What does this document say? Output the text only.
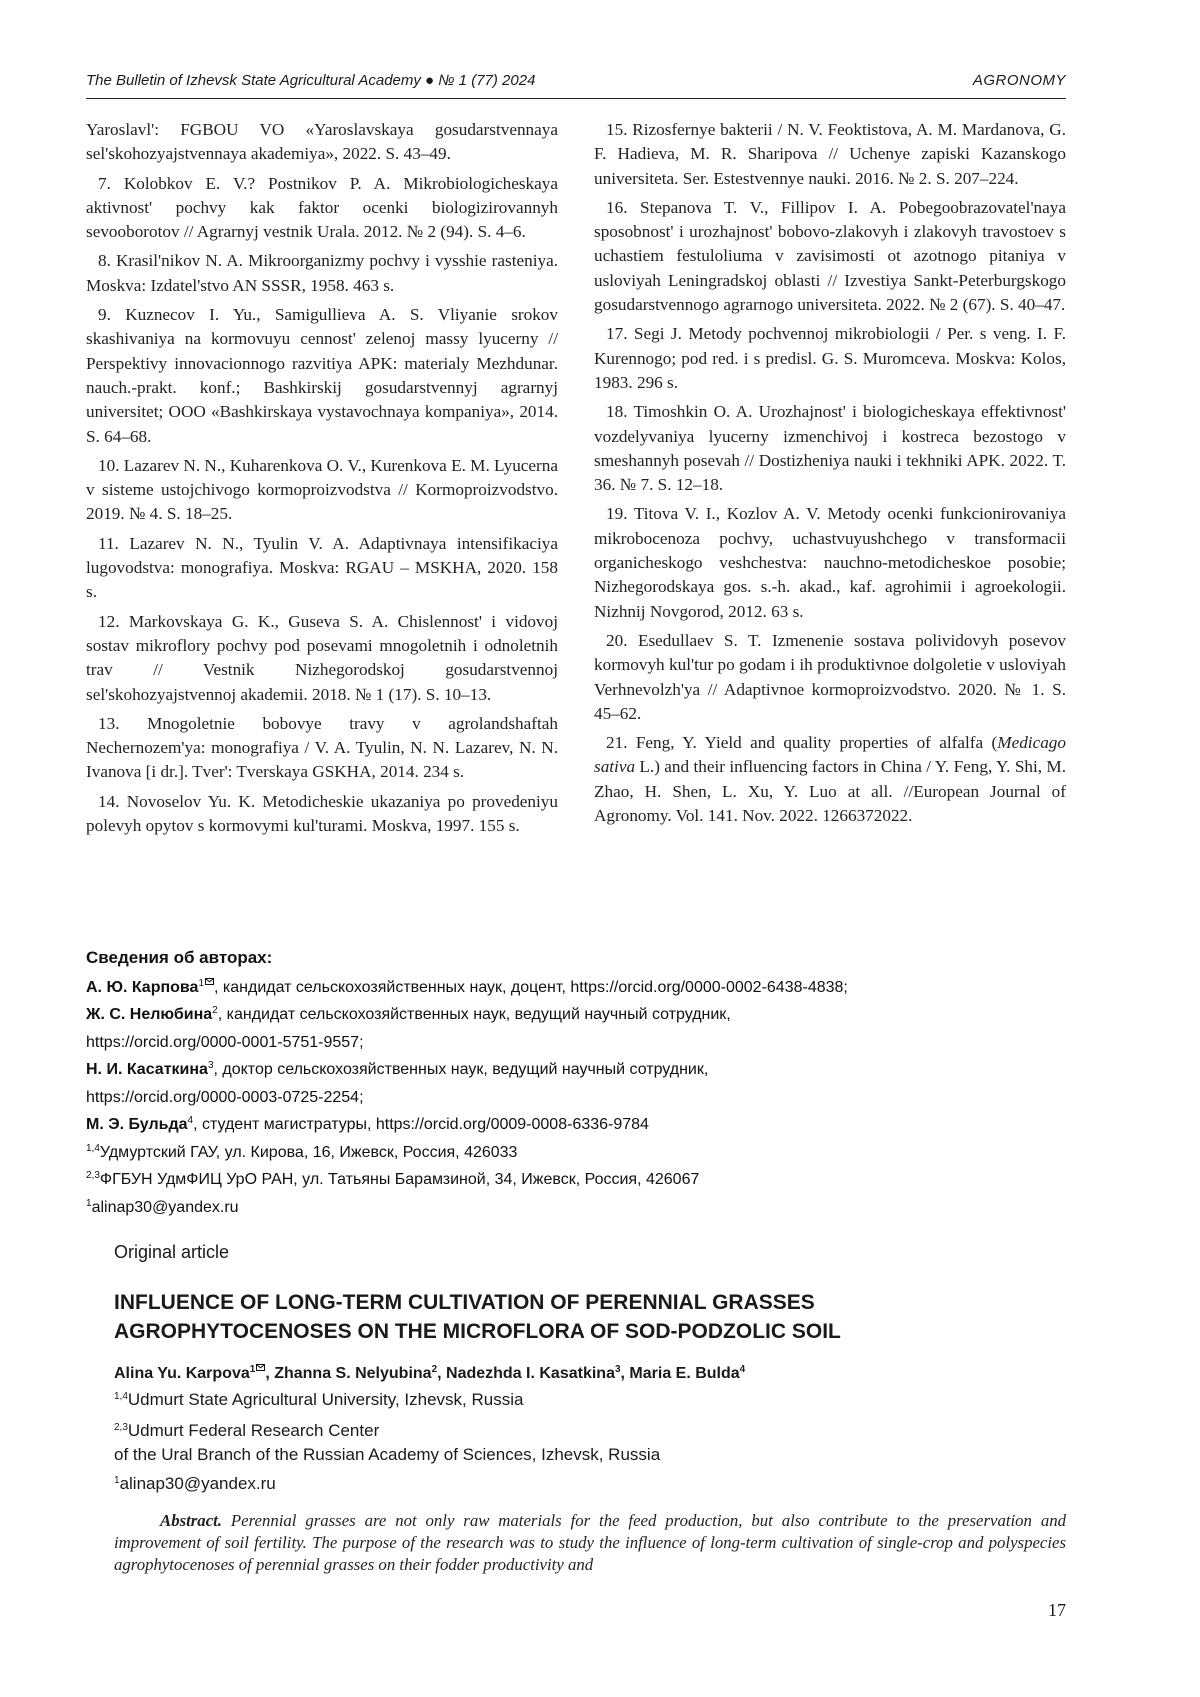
The Bulletin of Izhevsk State Agricultural Academy ● № 1 (77) 2024	AGRONOMY

Yaroslavl': FGBOU VO «Yaroslavskaya gosudarstvennaya sel'skohozyajstvennaya akademiya», 2022. S. 43–49.

7. Kolobkov E. V.? Postnikov P. A. Mikrobiologicheskaya aktivnost' pochvy kak faktor ocenki biologizirovannyh sevooborotov // Agrarnyj vestnik Urala. 2012. № 2 (94). S. 4–6.

8. Krasil'nikov N. A. Mikroorganizmy pochvy i vysshie rasteniya. Moskva: Izdatel'stvo AN SSSR, 1958. 463 s.

9. Kuznecov I. Yu., Samigullieva A. S. Vliyanie srokov skashivaniya na kormovuyu cennost' zelenoj massy lyucerny // Perspektivy innovacionnogo razvitiya APK: materialy Mezhdunar. nauch.-prakt. konf.; Bashkirskij gosudarstvennyj agrarnyj universitet; OOO «Bashkirskaya vystavochnaya kompaniya», 2014. S. 64–68.

10. Lazarev N. N., Kuharenkova O. V., Kurenkova E. M. Lyucerna v sisteme ustojchivogo kormoproizvodstva // Kormoproizvodstvo. 2019. № 4. S. 18–25.

11. Lazarev N. N., Tyulin V. A. Adaptivnaya intensifikaciya lugovodstva: monografiya. Moskva: RGAU – MSKHA, 2020. 158 s.

12. Markovskaya G. K., Guseva S. A. Chislennost' i vidovoj sostav mikroflory pochvy pod posevami mnogoletnih i odnoletnih trav // Vestnik Nizhegorodskoj gosudarstvennoj sel'skohozyajstvennoj akademii. 2018. № 1 (17). S. 10–13.

13. Mnogoletnie bobovye travy v agrolandshaftah Nechernozem'ya: monografiya / V. A. Tyulin, N. N. Lazarev, N. N. Ivanova [i dr.]. Tver': Tverskaya GSKHA, 2014. 234 s.

14. Novoselov Yu. K. Metodicheskie ukazaniya po provedeniyu polevyh opytov s kormovymi kul'turami. Moskva, 1997. 155 s.

15. Rizosfernye bakterii / N. V. Feoktistova, A. M. Mardanova, G. F. Hadieva, M. R. Sharipova // Uchenye zapiski Kazanskogo universiteta. Ser. Estestvennye nauki. 2016. № 2. S. 207–224.

16. Stepanova T. V., Fillipov I. A. Pobegoobrazovatel'naya sposobnost' i urozhajnost' bobovo-zlakovyh i zlakovyh travostoev s uchastiem festuloliuma v zavisimosti ot azotnogo pitaniya v usloviyah Leningradskoj oblasti // Izvestiya Sankt-Peterburgskogo gosudarstvennogo agrarnogo universiteta. 2022. № 2 (67). S. 40–47.

17. Segi J. Metody pochvennoj mikrobiologii / Per. s veng. I. F. Kurennogo; pod red. i s predisl. G. S. Muromceva. Moskva: Kolos, 1983. 296 s.

18. Timoshkin O. A. Urozhajnost' i biologicheskaya effektivnost' vozdelyvaniya lyucerny izmenchivoj i kostreca bezostogo v smeshannyh posevah // Dostizheniya nauki i tekhniki APK. 2022. T. 36. № 7. S. 12–18.

19. Titova V. I., Kozlov A. V. Metody ocenki funkcionirovaniya mikrobocenoza pochvy, uchastvuyushchego v transformacii organicheskogo veshchestva: nauchno-metodicheskoe posobie; Nizhegorodskaya gos. s.-h. akad., kaf. agrohimii i agroekologii. Nizhnij Novgorod, 2012. 63 s.

20. Esedullaev S. T. Izmenenie sostava polividovyh posevov kormovyh kul'tur po godam i ih produktivnoe dolgoletie v usloviyah Verhnevolzh'ya // Adaptivnoe kormoproizvodstvo. 2020. № 1. S. 45–62.

21. Feng, Y. Yield and quality properties of alfalfa (Medicago sativa L.) and their influencing factors in China / Y. Feng, Y. Shi, M. Zhao, H. Shen, L. Xu, Y. Luo at all. //European Journal of Agronomy. Vol. 141. Nov. 2022. 1266372022.

Сведения об авторах:

А. Ю. Карпова$^1$ , кандидат сельскохозяйственных наук, доцент, https://orcid.org/0000-0002-6438-4838;

Ж. С. Нелюбина$^2$, кандидат сельскохозяйственных наук, ведущий научный сотрудник,

https://orcid.org/0000-0001-5751-9557;

Н. И. Касаткина$^3$, доктор сельскохозяйственных наук, ведущий научный сотрудник,

https://orcid.org/0000-0003-0725-2254;

М. Э. Бульда$^4$, студент магистратуры, https://orcid.org/0009-0008-6336-9784

$^{1,4}$Удмуртский ГАУ, ул. Кирова, 16, Ижевск, Россия, 426033

$^{2,3}$ФГБУН УдмФИЦ УрО РАН, ул. Татьяны Барамзиной, 34, Ижевск, Россия, 426067

$^1$alinap30@yandex.ru

Original article
INFLUENCE OF LONG-TERM CULTIVATION OF PERENNIAL GRASSES
AGROPHYTOCENOSES ON THE MICROFLORA OF SOD-PODZOLIC SOIL
Alina Yu. Karpova$^1$ , Zhanna S. Nelyubina$^2$, Nadezhda I. Kasatkina$^3$, Maria E. Bulda$^4$
$^{1,4}$Udmurt State Agricultural University, Izhevsk, Russia
$^{2,3}$Udmurt Federal Research Center
of the Ural Branch of the Russian Academy of Sciences, Izhevsk, Russia
$^1$alinap30@yandex.ru
Abstract. Perennial grasses are not only raw materials for the feed production, but also contribute to the preservation and improvement of soil fertility. The purpose of the research was to study the influence of long-term cultivation of single-crop and polyspecies agrophytocenoses of perennial grasses on their fodder productivity and
17
